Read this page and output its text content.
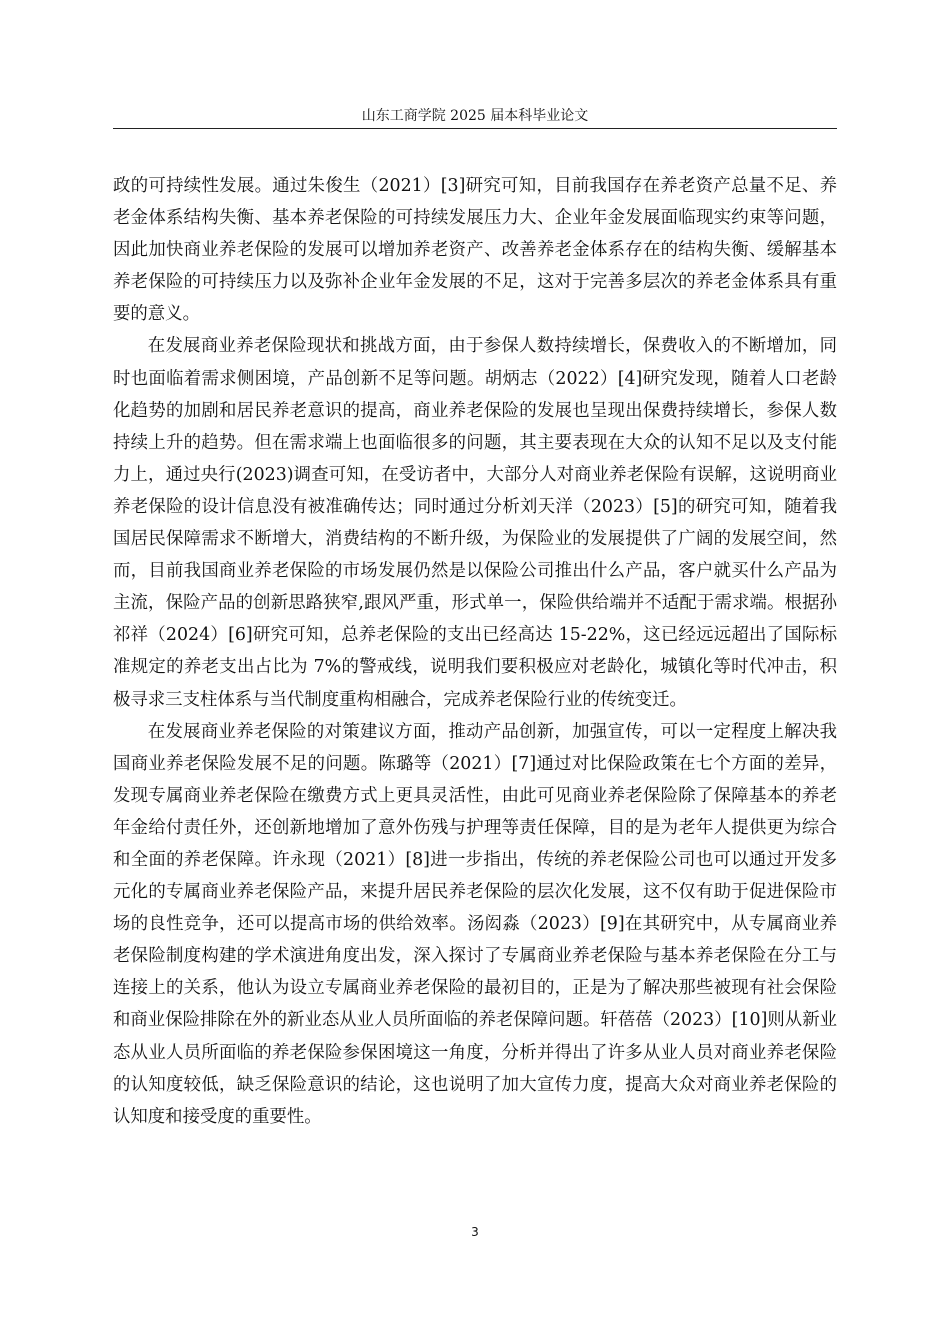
山东工商学院 2025 届本科毕业论文

政的可持续性发展。通过朱俊生（2021）[3]研究可知，目前我国存在养老资产总量不足、养老金体系结构失衡、基本养老保险的可持续发展压力大、企业年金发展面临现实约束等问题，因此加快商业养老保险的发展可以增加养老资产、改善养老金体系存在的结构失衡、缓解基本养老保险的可持续压力以及弥补企业年金发展的不足，这对于完善多层次的养老金体系具有重要的意义。

在发展商业养老保险现状和挑战方面，由于参保人数持续增长，保费收入的不断增加，同时也面临着需求侧困境，产品创新不足等问题。胡炳志（2022）[4]研究发现，随着人口老龄化趋势的加剧和居民养老意识的提高，商业养老保险的发展也呈现出保费持续增长，参保人数持续上升的趋势。但在需求端上也面临很多的问题，其主要表现在大众的认知不足以及支付能力上，通过央行(2023)调查可知，在受访者中，大部分人对商业养老保险有误解，这说明商业养老保险的设计信息没有被准确传达；同时通过分析刘天洋（2023）[5]的研究可知，随着我国居民保障需求不断增大，消费结构的不断升级，为保险业的发展提供了广阔的发展空间，然而，目前我国商业养老保险的市场发展仍然是以保险公司推出什么产品，客户就买什么产品为主流，保险产品的创新思路狭窄,跟风严重，形式单一，保险供给端并不适配于需求端。根据孙祁祥（2024）[6]研究可知，总养老保险的支出已经高达 15-22%，这已经远远超出了国际标准规定的养老支出占比为 7%的警戒线，说明我们要积极应对老龄化，城镇化等时代冲击，积极寻求三支柱体系与当代制度重构相融合，完成养老保险行业的传统变迁。

在发展商业养老保险的对策建议方面，推动产品创新，加强宣传，可以一定程度上解决我国商业养老保险发展不足的问题。陈璐等（2021）[7]通过对比保险政策在七个方面的差异，发现专属商业养老保险在缴费方式上更具灵活性，由此可见商业养老保险除了保障基本的养老年金给付责任外，还创新地增加了意外伤残与护理等责任保障，目的是为老年人提供更为综合和全面的养老保障。许永现（2021）[8]进一步指出，传统的养老保险公司也可以通过开发多元化的专属商业养老保险产品，来提升居民养老保险的层次化发展，这不仅有助于促进保险市场的良性竞争，还可以提高市场的供给效率。汤闳淼（2023）[9]在其研究中，从专属商业养老保险制度构建的学术演进角度出发，深入探讨了专属商业养老保险与基本养老保险在分工与连接上的关系，他认为设立专属商业养老保险的最初目的，正是为了解决那些被现有社会保险和商业保险排除在外的新业态从业人员所面临的养老保障问题。轩蓓蓓（2023）[10]则从新业态从业人员所面临的养老保险参保困境这一角度，分析并得出了许多从业人员对商业养老保险的认知度较低，缺乏保险意识的结论，这也说明了加大宣传力度，提高大众对商业养老保险的认知度和接受度的重要性。

3
